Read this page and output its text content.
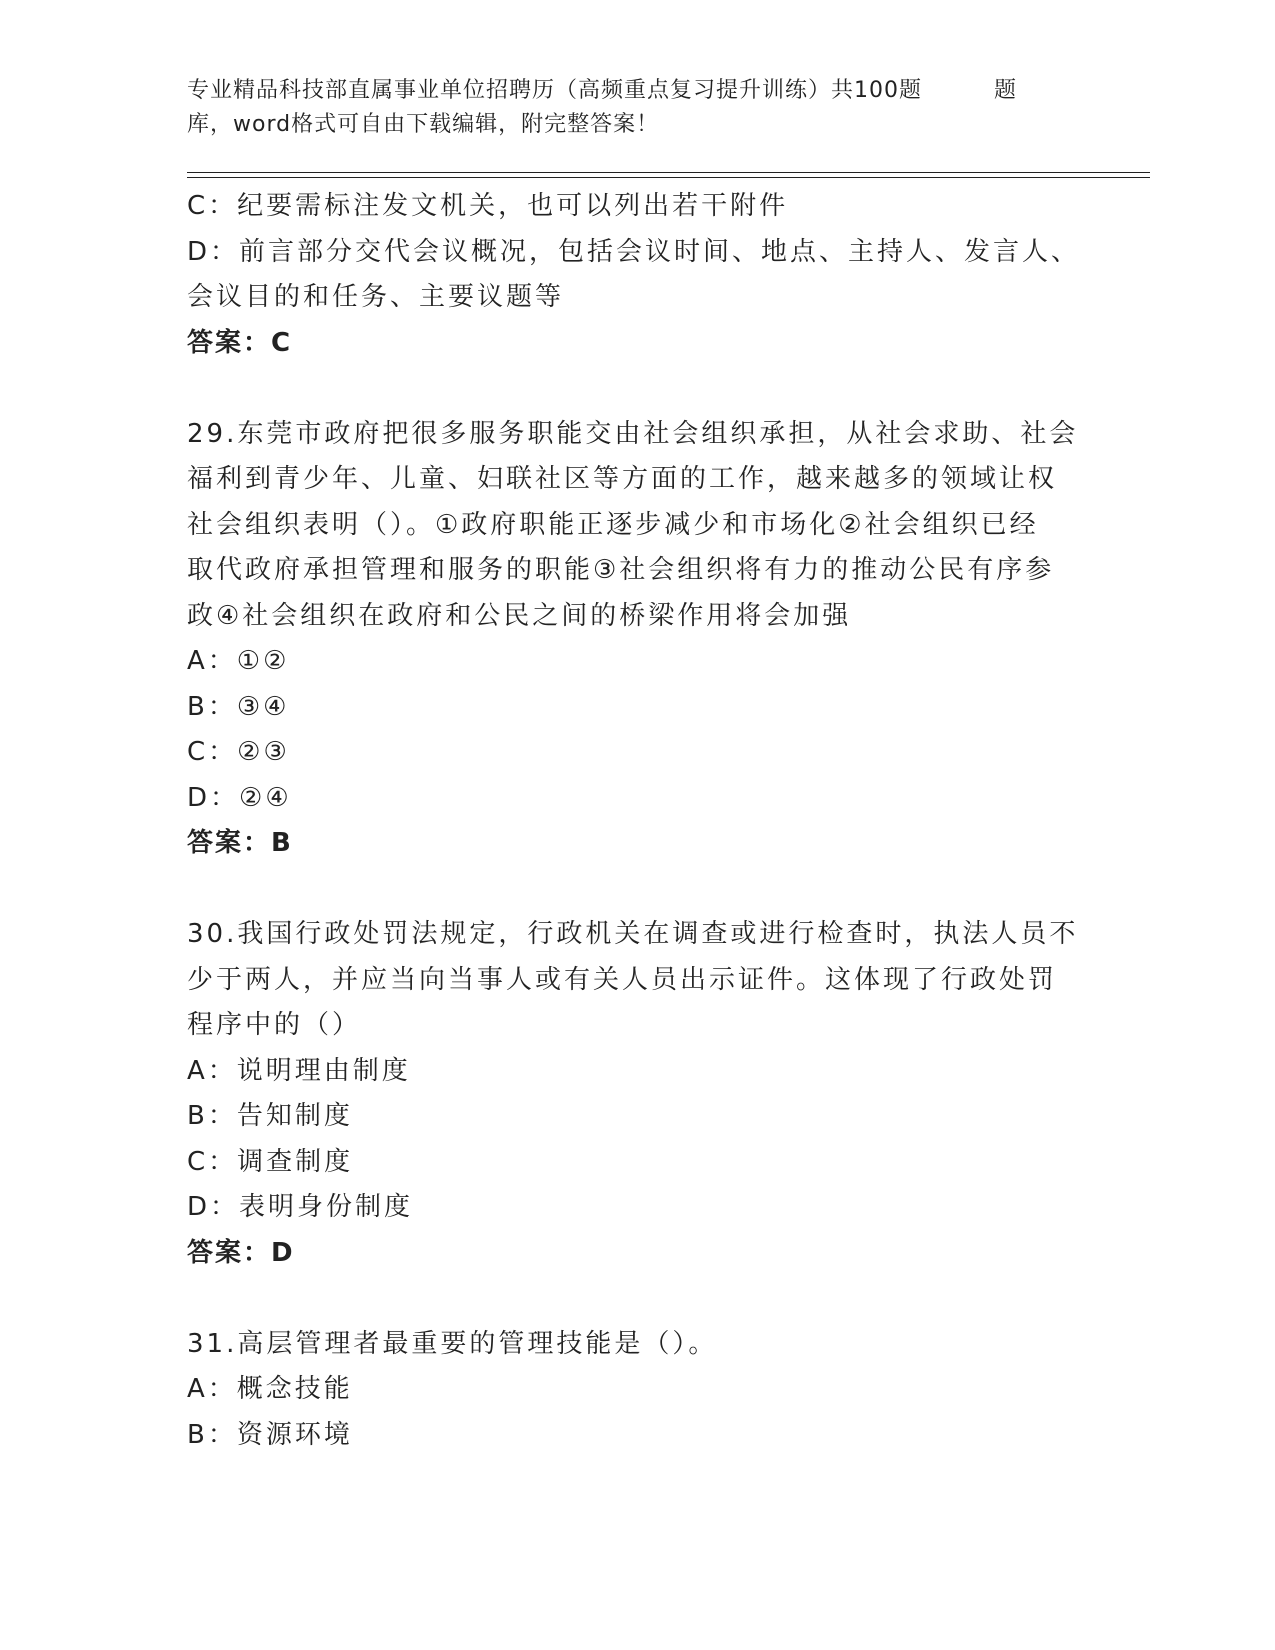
专业精品科技部直属事业单位招聘历（高频重点复习提升训练）共100题	题
库，word格式可自由下载编辑，附完整答案！

C：纪要需标注发文机关，也可以列出若干附件

D：前言部分交代会议概况，包括会议时间、地点、主持人、发言人、

会议目的和任务、主要议题等

答案：C

29.东莞市政府把很多服务职能交由社会组织承担，从社会求助、社会

福利到青少年、儿童、妇联社区等方面的工作，越来越多的领域让权

社会组织表明（）。①政府职能正逐步减少和市场化②社会组织已经

取代政府承担管理和服务的职能③社会组织将有力的推动公民有序参

政④社会组织在政府和公民之间的桥梁作用将会加强

A：①②

B：③④

C：②③

D：②④

答案：B

30.我国行政处罚法规定，行政机关在调查或进行检查时，执法人员不

少于两人，并应当向当事人或有关人员出示证件。这体现了行政处罚

程序中的（）

A：说明理由制度

B：告知制度

C：调查制度

D：表明身份制度

答案：D

31.高层管理者最重要的管理技能是（）。

A：概念技能

B：资源环境
